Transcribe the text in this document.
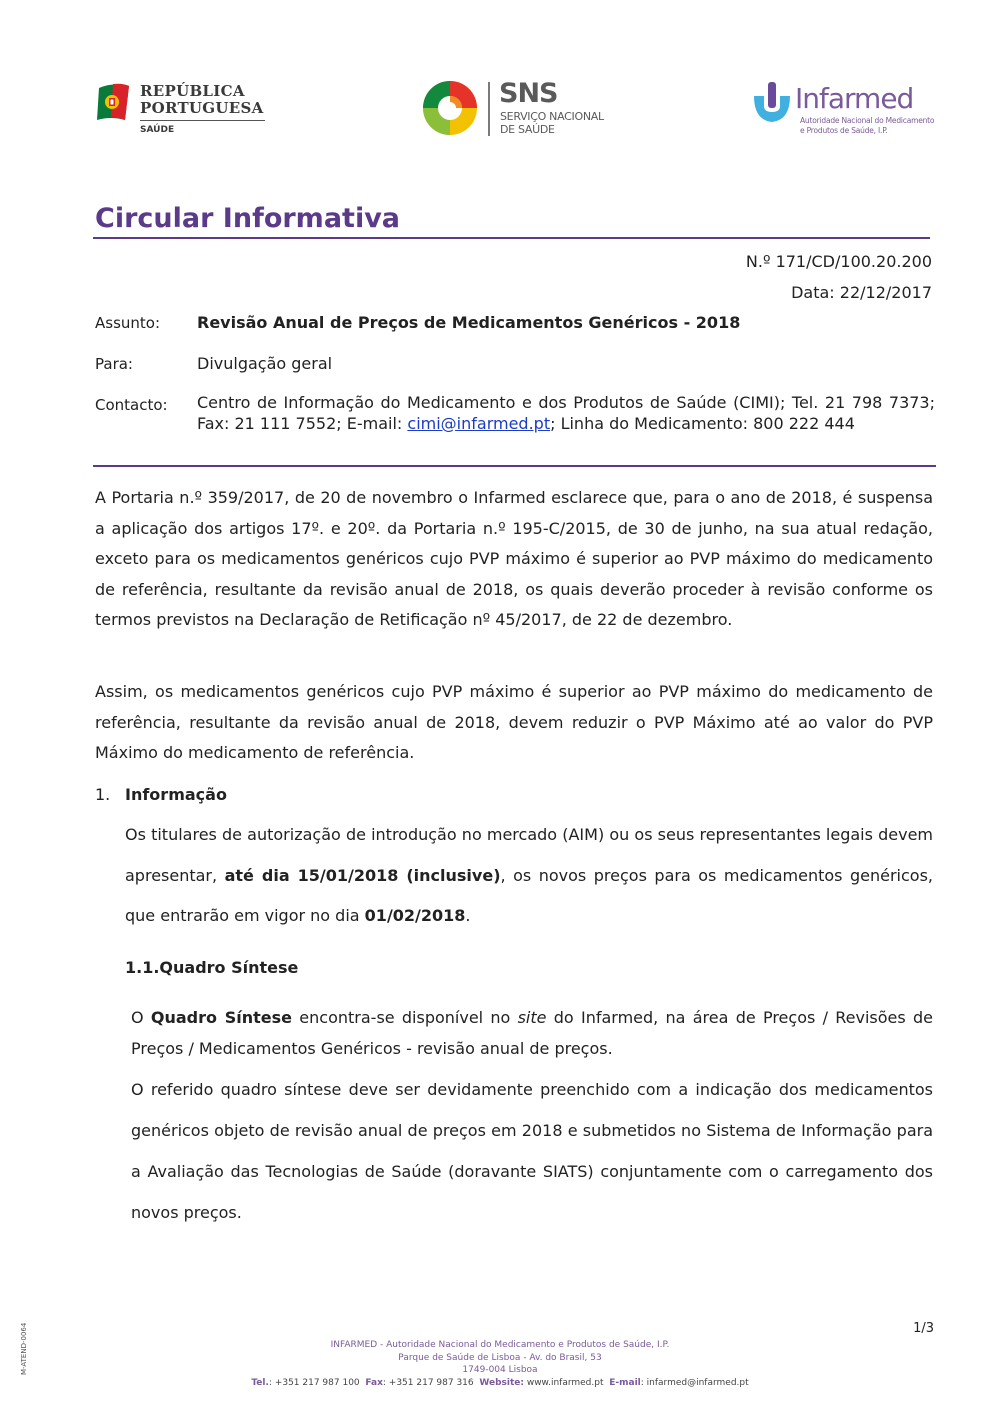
REPÚBLICA
PORTUGUESA
SAÚDE
SNS
SERVIÇO NACIONAL
DE SAÚDE
Infarmed
Autoridade Nacional do Medicamento
e Produtos de Saúde, I.P.
Circular Informativa
N.º 171/CD/100.20.200
Data: 22/12/2017
Assunto: Revisão Anual de Preços de Medicamentos Genéricos - 2018
Para:	Divulgação geral
Contacto: Centro de Informação do Medicamento e dos Produtos de Saúde (CIMI); Tel. 21 798 7373; Fax: 21 111 7552; E-mail: cimi@infarmed.pt; Linha do Medicamento: 800 222 444

A Portaria n.º 359/2017, de 20 de novembro o Infarmed esclarece que, para o ano de 2018, é suspensa a aplicação dos artigos 17º. e 20º. da Portaria n.º 195-C/2015, de 30 de junho, na sua atual redação, exceto para os medicamentos genéricos cujo PVP máximo é superior ao PVP máximo do medicamento de referência, resultante da revisão anual de 2018, os quais deverão proceder à revisão conforme os termos previstos na Declaração de Retificação nº 45/2017, de 22 de dezembro.

Assim, os medicamentos genéricos cujo PVP máximo é superior ao PVP máximo do medicamento de referência, resultante da revisão anual de 2018, devem reduzir o PVP Máximo até ao valor do PVP Máximo do medicamento de referência.

1. Informação

Os titulares de autorização de introdução no mercado (AIM) ou os seus representantes legais devem apresentar, até dia 15/01/2018 (inclusive), os novos preços para os medicamentos genéricos, que entrarão em vigor no dia 01/02/2018.

1.1.Quadro Síntese

O Quadro Síntese encontra-se disponível no site do Infarmed, na área de Preços / Revisões de Preços / Medicamentos Genéricos - revisão anual de preços.

O referido quadro síntese deve ser devidamente preenchido com a indicação dos medicamentos genéricos objeto de revisão anual de preços em 2018 e submetidos no Sistema de Informação para a Avaliação das Tecnologias de Saúde (doravante SIATS) conjuntamente com o carregamento dos novos preços.

1/3
M-ATEND-0064	INFARMED - Autoridade Nacional do Medicamento e Produtos de Saúde, I.P.
Parque de Saúde de Lisboa - Av. do Brasil, 53
1749-004 Lisboa
Tel.: +351 217 987 100 Fax: +351 217 987 316 Website: www.infarmed.pt E-mail: infarmed@infarmed.pt
